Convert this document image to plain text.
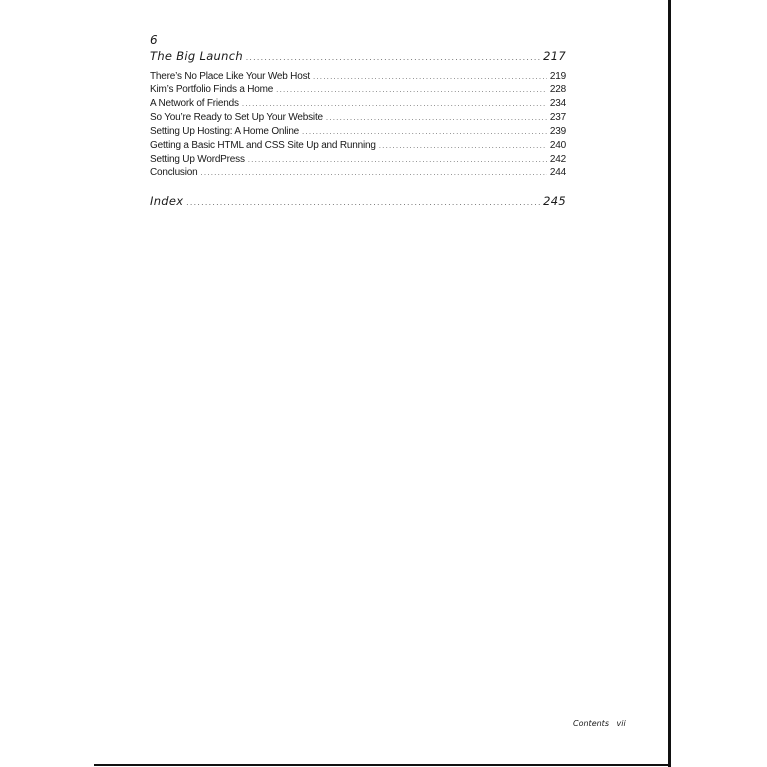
6
The Big Launch .....	217
There’s No Place Like Your Web Host .....	219
Kim’s Portfolio Finds a Home .....	228
A Network of Friends .....	234
So You’re Ready to Set Up Your Website .....	237
Setting Up Hosting: A Home Online .....	239
Getting a Basic HTML and CSS Site Up and Running .....	240
Setting Up WordPress .....	242
Conclusion .....	244
Index .....	245
Contents vii
